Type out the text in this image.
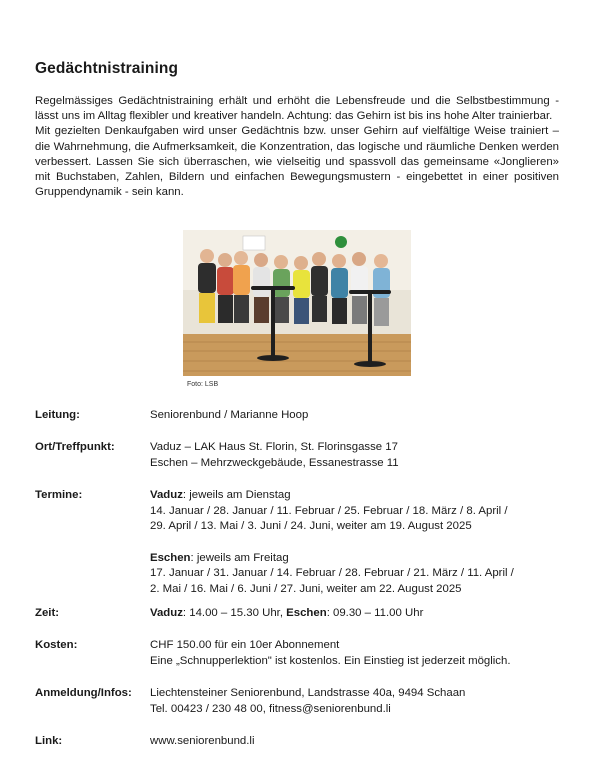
Gedächtnistraining

Regelmässiges Gedächtnistraining erhält und erhöht die Lebensfreude und die Selbstbestimmung - lässt uns im Alltag flexibler und kreativer handeln. Achtung: das Gehirn ist bis ins hohe Alter trainierbar.

Mit gezielten Denkaufgaben wird unser Gedächtnis bzw. unser Gehirn auf vielfältige Weise trainiert – die Wahrnehmung, die Aufmerksamkeit, die Konzentration, das logische und räumliche Denken werden verbessert. Lassen Sie sich überraschen, wie vielseitig und spassvoll das gemeinsame «Jonglieren» mit Buchstaben, Zahlen, Bildern und einfachen Bewegungsmustern - eingebettet in einer positiven Gruppendynamik - sein kann.

Foto: LSB
Leitung:	Seniorenbund / Marianne Hoop
Ort/Treffpunkt:	Vaduz – LAK Haus St. Florin, St. Florinsgasse 17
Eschen – Mehrzweckgebäude, Essanestrasse 11
Termine:	Vaduz: jeweils am Dienstag
14. Januar / 28. Januar / 11. Februar / 25. Februar / 18. März / 8. April /
29. April / 13. Mai / 3. Juni / 24. Juni, weiter am 19. August 2025
Eschen: jeweils am Freitag
17. Januar / 31. Januar / 14. Februar / 28. Februar / 21. März / 11. April /
2. Mai / 16. Mai / 6. Juni / 27. Juni, weiter am 22. August 2025
Zeit:	Vaduz: 14.00 – 15.30 Uhr, Eschen: 09.30 – 11.00 Uhr
Kosten:	CHF 150.00 für ein 10er Abonnement
Eine „Schnupperlektion" ist kostenlos. Ein Einstieg ist jederzeit möglich.
Anmeldung/Infos: Liechtensteiner Seniorenbund, Landstrasse 40a, 9494 Schaan
Tel. 00423 / 230 48 00, fitness@seniorenbund.li
Link:	www.seniorenbund.li
